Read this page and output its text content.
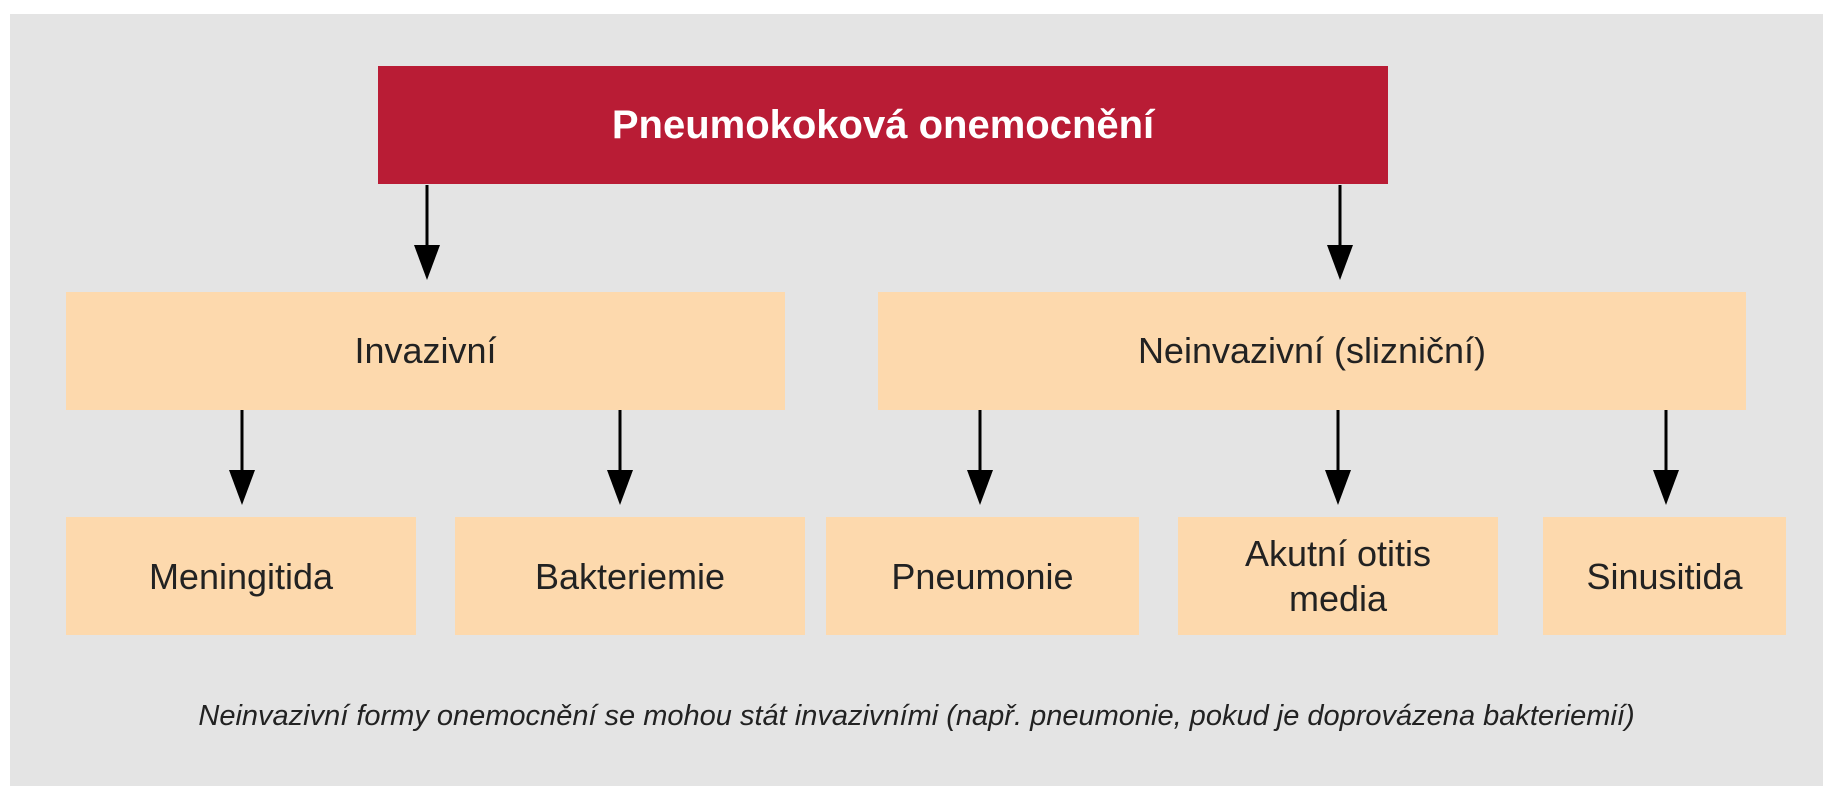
Pneumokoková onemocnění
Invazivní	Neinvazivní (slizniční)
Meningitida	Bakteriemie	Pneumonie
Akutní otitis media
Sinusitida
Neinvazivní formy onemocnění se mohou stát invazivními (např. pneumonie, pokud je doprovázena bakteriemií)
